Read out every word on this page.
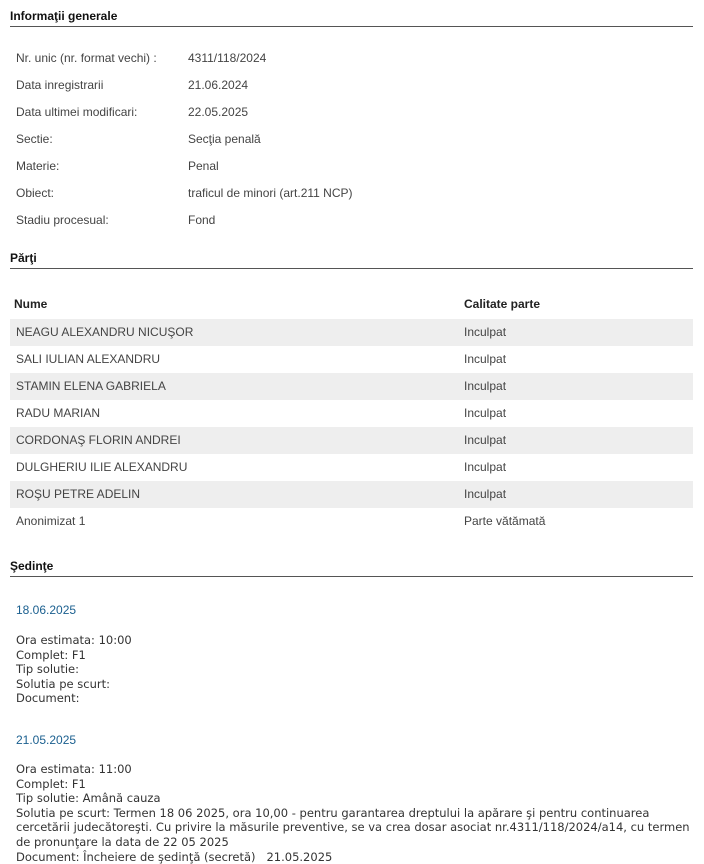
Informaţii generale
Nr. unic (nr. format vechi) :	4311/118/2024
Data inregistrarii	21.06.2024
Data ultimei modificari:	22.05.2025
Sectie:	Secţia penală
Materie:	Penal
Obiect:	traficul de minori (art.211 NCP)
Stadiu procesual:	Fond
Părţi
Nume	Calitate parte
NEAGU ALEXANDRU NICUŞOR	Inculpat
SALI IULIAN ALEXANDRU	Inculpat
STAMIN ELENA GABRIELA	Inculpat
RADU MARIAN	Inculpat
CORDONAŞ FLORIN ANDREI	Inculpat
DULGHERIU ILIE ALEXANDRU	Inculpat
ROŞU PETRE ADELIN	Inculpat
Anonimizat 1	Parte vătămată
Şedinţe
18.06.2025
Ora estimata: 10:00
Complet: F1
Tip solutie:
Solutia pe scurt:
Document:
21.05.2025
Ora estimata: 11:00
Complet: F1
Tip solutie: Amână cauza
Solutia pe scurt: Termen 18 06 2025, ora 10,00 - pentru garantarea dreptului la apărare şi pentru continuarea cercetării judecătoreşti. Cu privire la măsurile preventive, se va crea dosar asociat nr.4311/118/2024/a14, cu termen de pronunţare la data de 22 05 2025
Document: Încheiere de şedinţă (secretă)   21.05.2025
